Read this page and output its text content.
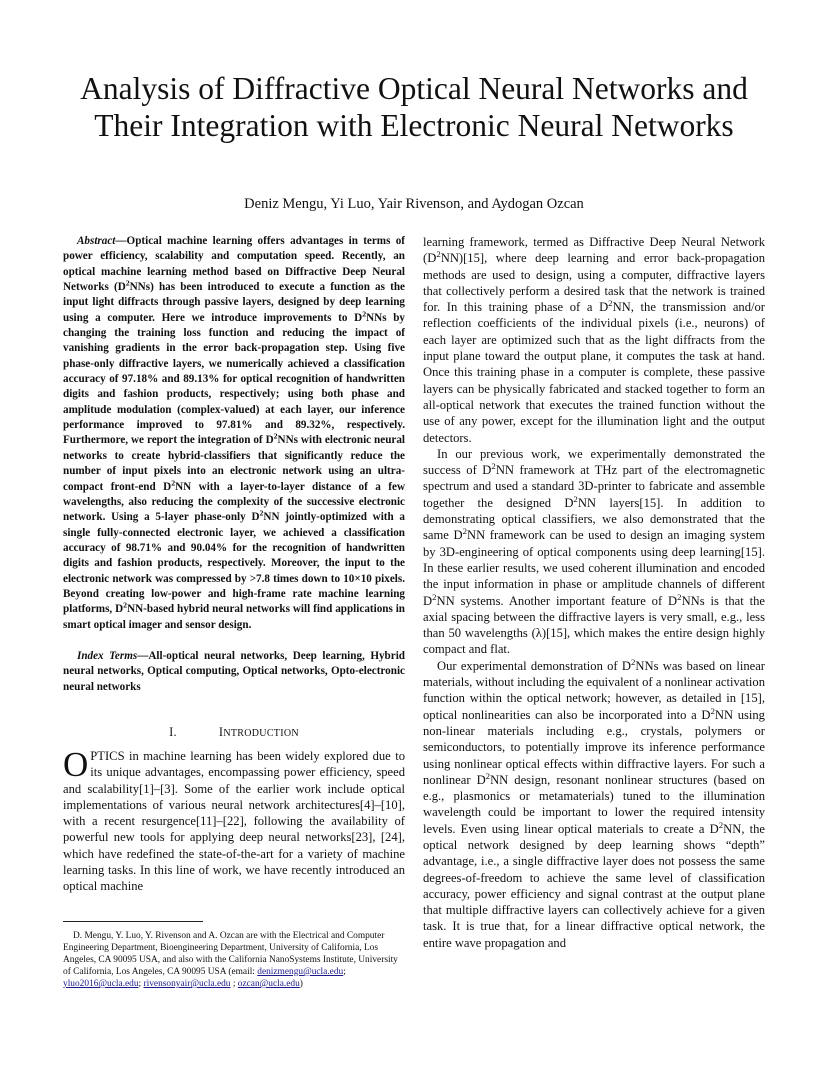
Analysis of Diffractive Optical Neural Networks and Their Integration with Electronic Neural Networks

Deniz Mengu, Yi Luo, Yair Rivenson, and Aydogan Ozcan

Abstract—Optical machine learning offers advantages in terms of power efficiency, scalability and computation speed. Recently, an optical machine learning method based on Diffractive Deep Neural Networks $(D^2NNs)$ has been introduced to execute a function as the input light diffracts through passive layers, designed by deep learning using a computer. Here we introduce improvements to $D^2NNs$ by changing the training loss function and reducing the impact of vanishing gradients in the error back-propagation step. Using five phase-only diffractive layers, we numerically achieved a classification accuracy of 97.18% and 89.13% for optical recognition of handwritten digits and fashion products, respectively; using both phase and amplitude modulation (complex-valued) at each layer, our inference performance improved to 97.81% and 89.32%, respectively. Furthermore, we report the integration of $D^2NNs$ with electronic neural networks to create hybrid-classifiers that significantly reduce the number of input pixels into an electronic network using an ultra-compact front-end $D^2NN$ with a layer-to-layer distance of a few wavelengths, also reducing the complexity of the successive electronic network. Using a 5-layer phase-only $D^2NN$ jointly-optimized with a single fully-connected electronic layer, we achieved a classification accuracy of 98.71% and 90.04% for the recognition of handwritten digits and fashion products, respectively. Moreover, the input to the electronic network was compressed by >7.8 times down to 10×10 pixels. Beyond creating low-power and high-frame rate machine learning platforms, $D^2NN$-based hybrid neural networks will find applications in smart optical imager and sensor design.

Index Terms—All-optical neural networks, Deep learning, Hybrid neural networks, Optical computing, Optical networks, Opto-electronic neural networks

I.	INTRODUCTION

OPTICS in machine learning has been widely explored due to its unique advantages, encompassing power efficiency, speed and scalability[1]–[3]. Some of the earlier work include optical implementations of various neural network architectures[4]–[10], with a recent resurgence[11]–[22], following the availability of powerful new tools for applying deep neural networks[23], [24], which have redefined the state-of-the-art for a variety of machine learning tasks. In this line of work, we have recently introduced an optical machine

D. Mengu, Y. Luo, Y. Rivenson and A. Ozcan are with the Electrical and Computer Engineering Department, Bioengineering Department, University of California, Los Angeles, CA 90095 USA, and also with the California NanoSystems Institute, University of California, Los Angeles, CA 90095 USA (email: denizmengu@ucla.edu; yluo2016@ucla.edu; rivensonyair@ucla.edu ; ozcan@ucla.edu)

learning framework, termed as Diffractive Deep Neural Network $(D^2NN)[15]$, where deep learning and error back-propagation methods are used to design, using a computer, diffractive layers that collectively perform a desired task that the network is trained for. In this training phase of a $D^2NN$, the transmission and/or reflection coefficients of the individual pixels (i.e., neurons) of each layer are optimized such that as the light diffracts from the input plane toward the output plane, it computes the task at hand. Once this training phase in a computer is complete, these passive layers can be physically fabricated and stacked together to form an all-optical network that executes the trained function without the use of any power, except for the illumination light and the output detectors.

In our previous work, we experimentally demonstrated the success of $D^2NN$ framework at THz part of the electromagnetic spectrum and used a standard 3D-printer to fabricate and assemble together the designed $D^2NN$ layers[15]. In addition to demonstrating optical classifiers, we also demonstrated that the same $D^2NN$ framework can be used to design an imaging system by 3D-engineering of optical components using deep learning[15]. In these earlier results, we used coherent illumination and encoded the input information in phase or amplitude channels of different $D^2NN$ systems. Another important feature of $D^2NNs$ is that the axial spacing between the diffractive layers is very small, e.g., less than 50 wavelengths (λ)[15], which makes the entire design highly compact and flat.

Our experimental demonstration of $D^2NNs$ was based on linear materials, without including the equivalent of a nonlinear activation function within the optical network; however, as detailed in [15], optical nonlinearities can also be incorporated into a $D^2NN$ using non-linear materials including e.g., crystals, polymers or semiconductors, to potentially improve its inference performance using nonlinear optical effects within diffractive layers. For such a nonlinear $D^2NN$ design, resonant nonlinear structures (based on e.g., plasmonics or metamaterials) tuned to the illumination wavelength could be important to lower the required intensity levels. Even using linear optical materials to create a $D^2NN$, the optical network designed by deep learning shows “depth” advantage, i.e., a single diffractive layer does not possess the same degrees-of-freedom to achieve the same level of classification accuracy, power efficiency and signal contrast at the output plane that multiple diffractive layers can collectively achieve for a given task. It is true that, for a linear diffractive optical network, the entire wave propagation and
